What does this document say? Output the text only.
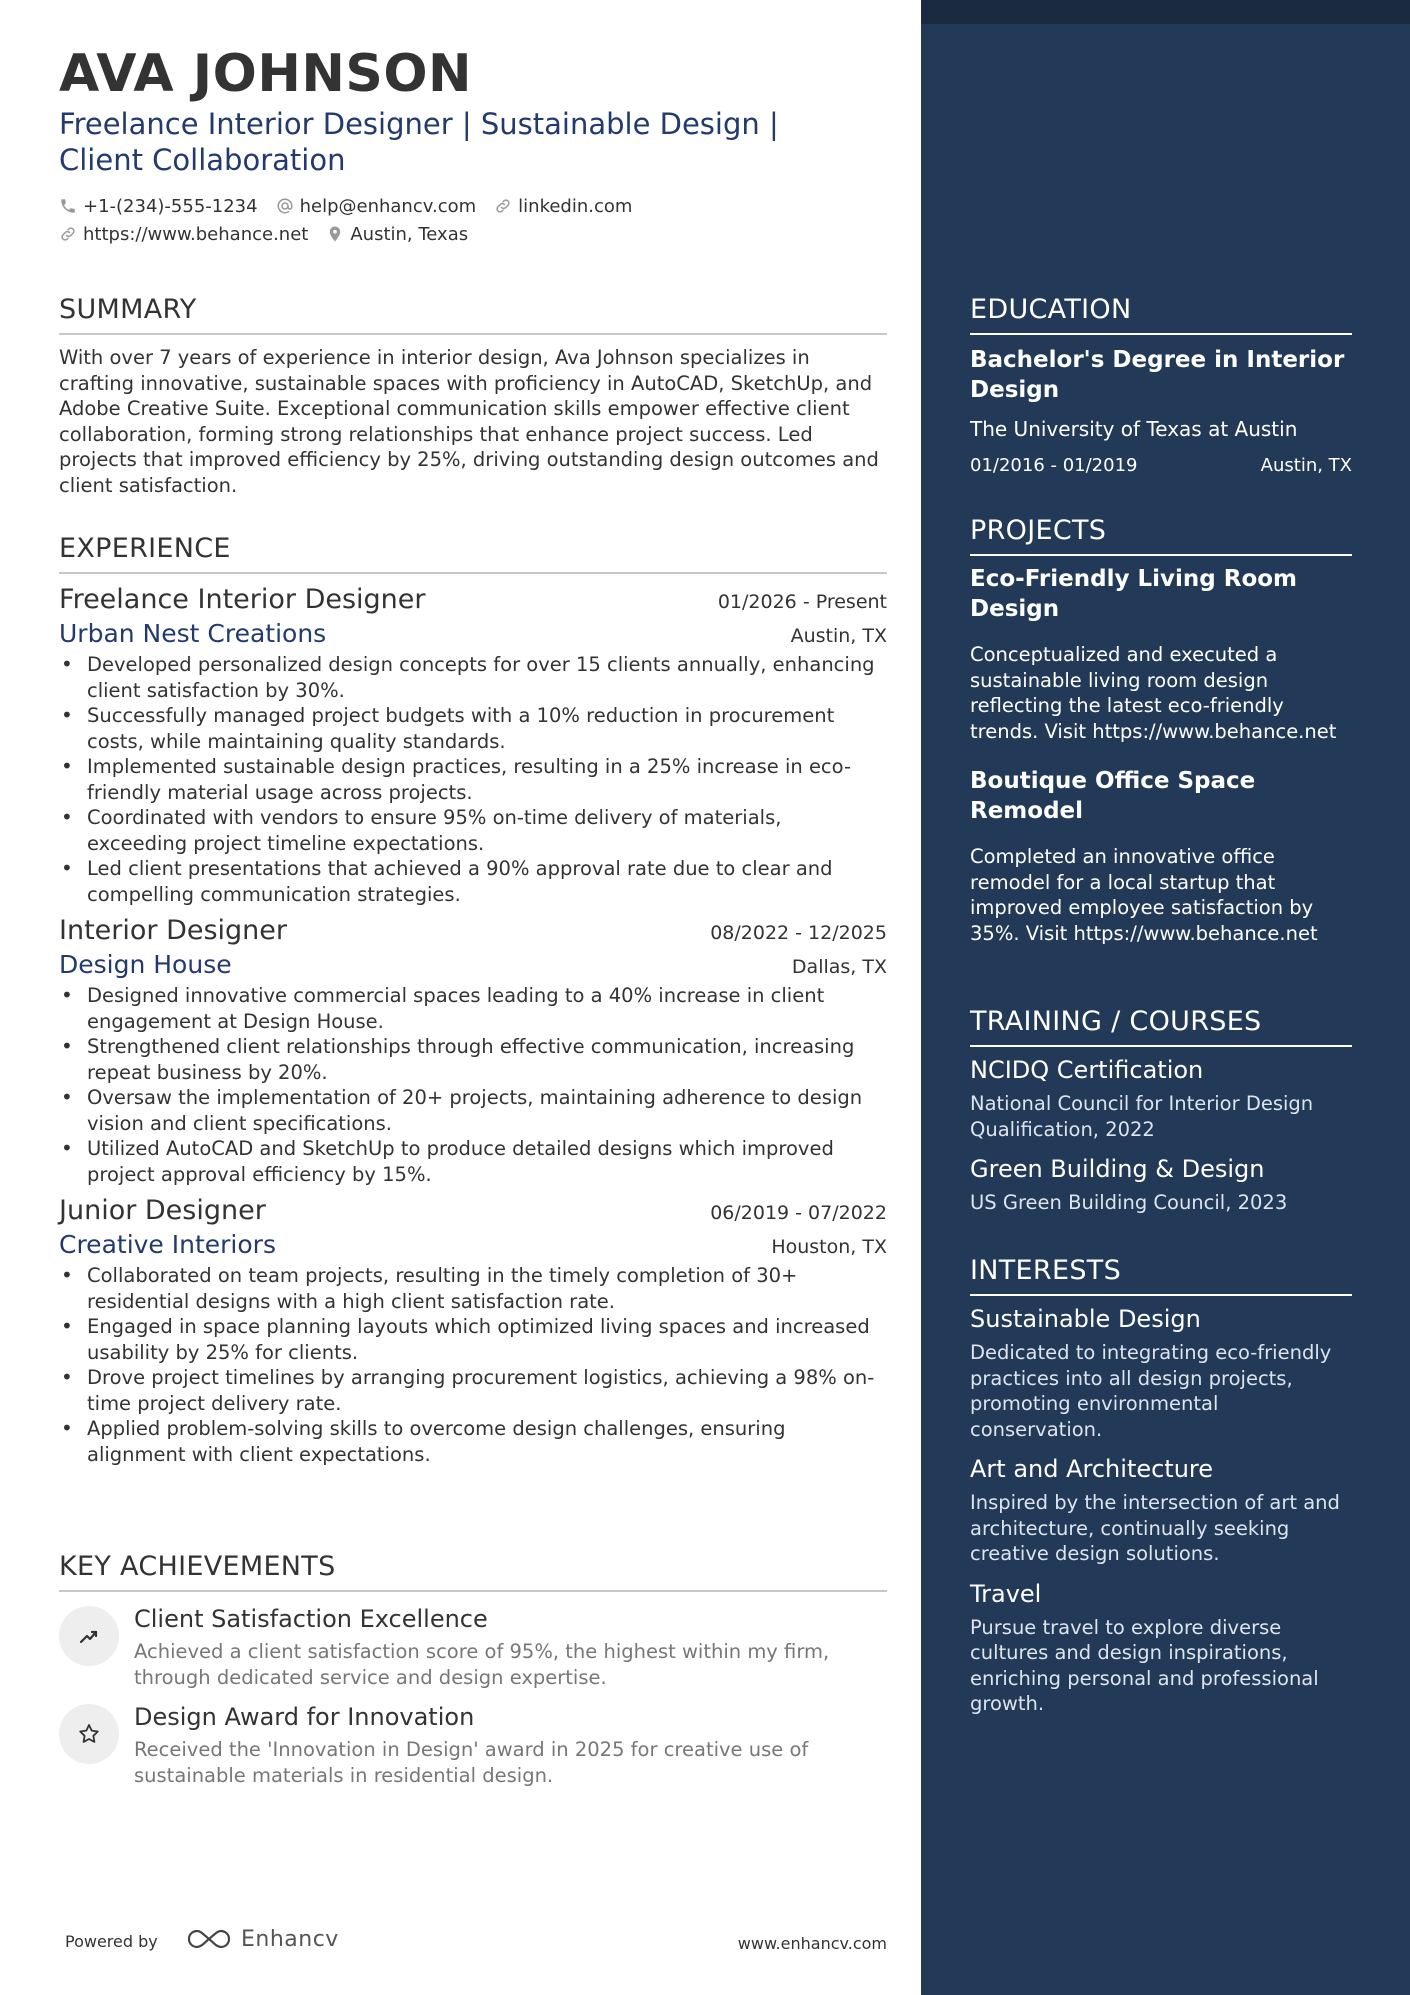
AVA JOHNSON
Freelance Interior Designer | Sustainable Design | Client Collaboration
+1-(234)-555-1234 help@enhancv.com linkedin.com
https://www.behance.net Austin, Texas
SUMMARY

With over 7 years of experience in interior design, Ava Johnson specializes in crafting innovative, sustainable spaces with proficiency in AutoCAD, SketchUp, and Adobe Creative Suite. Exceptional communication skills empower effective client collaboration, forming strong relationships that enhance project success. Led projects that improved efficiency by 25%, driving outstanding design outcomes and client satisfaction.

EXPERIENCE
Freelance Interior Designer	01/2026 - Present
Urban Nest Creations	Austin, TX
• Developed personalized design concepts for over 15 clients annually, enhancing client satisfaction by 30%.
• Successfully managed project budgets with a 10% reduction in procurement costs, while maintaining quality standards.
• Implemented sustainable design practices, resulting in a 25% increase in eco-friendly material usage across projects.
• Coordinated with vendors to ensure 95% on-time delivery of materials, exceeding project timeline expectations.
• Led client presentations that achieved a 90% approval rate due to clear and compelling communication strategies.
Interior Designer	08/2022 - 12/2025
Design House	Dallas, TX
• Designed innovative commercial spaces leading to a 40% increase in client engagement at Design House.
• Strengthened client relationships through effective communication, increasing repeat business by 20%.
• Oversaw the implementation of 20+ projects, maintaining adherence to design vision and client specifications.
• Utilized AutoCAD and SketchUp to produce detailed designs which improved project approval efficiency by 15%.
Junior Designer	06/2019 - 07/2022
Creative Interiors	Houston, TX
• Collaborated on team projects, resulting in the timely completion of 30+ residential designs with a high client satisfaction rate.
• Engaged in space planning layouts which optimized living spaces and increased usability by 25% for clients.
• Drove project timelines by arranging procurement logistics, achieving a 98% on-time project delivery rate.
• Applied problem-solving skills to overcome design challenges, ensuring alignment with client expectations.
KEY ACHIEVEMENTS
Client Satisfaction Excellence
Achieved a client satisfaction score of 95%, the highest within my firm, through dedicated service and design expertise.
Design Award for Innovation
Received the 'Innovation in Design' award in 2025 for creative use of sustainable materials in residential design.
Powered by	Enhancv	www.enhancv.com
EDUCATION
Bachelor's Degree in Interior Design
The University of Texas at Austin
01/2016 - 01/2019	Austin, TX
PROJECTS
Eco-Friendly Living Room Design
Conceptualized and executed a sustainable living room design reflecting the latest eco-friendly trends. Visit https://www.behance.net
Boutique Office Space Remodel
Completed an innovative office remodel for a local startup that improved employee satisfaction by 35%. Visit https://www.behance.net
TRAINING / COURSES
NCIDQ Certification
National Council for Interior Design Qualification, 2022
Green Building & Design
US Green Building Council, 2023
INTERESTS
Sustainable Design
Dedicated to integrating eco-friendly practices into all design projects, promoting environmental conservation.
Art and Architecture
Inspired by the intersection of art and architecture, continually seeking creative design solutions.
Travel
Pursue travel to explore diverse cultures and design inspirations, enriching personal and professional growth.
